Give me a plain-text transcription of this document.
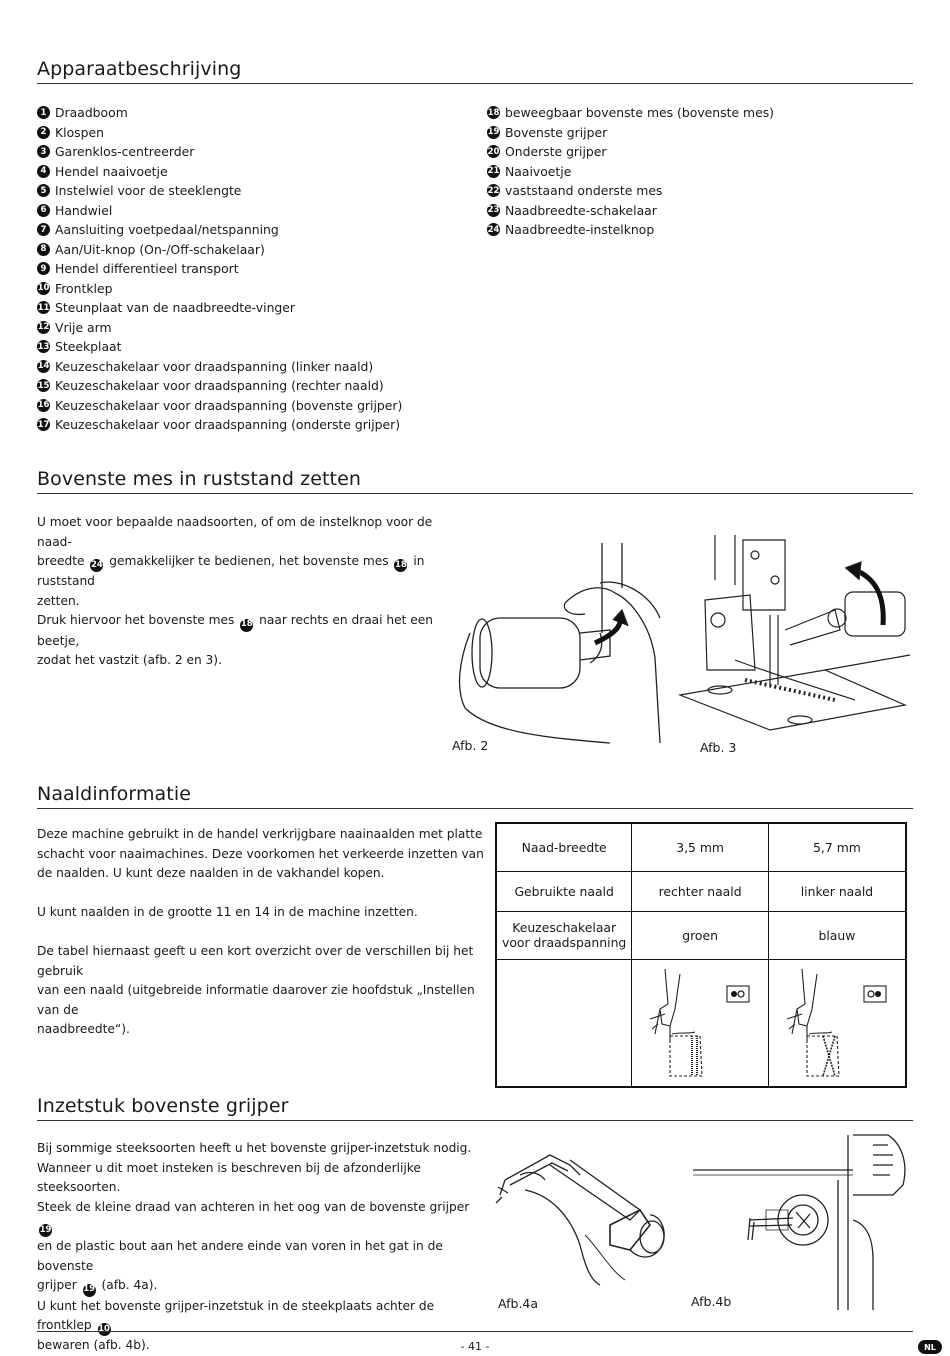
Apparaatbeschrijving
1 Draadboom
2 Klospen
3 Garenklos-centreerder
4 Hendel naaivoetje
5 Instelwiel voor de steeklengte
6 Handwiel
7 Aansluiting voetpedaal/netspanning
8 Aan/Uit-knop (On-/Off-schakelaar)
9 Hendel differentieel transport
10 Frontklep
11 Steunplaat van de naadbreedte-vinger
12 Vrije arm
13 Steekplaat
14 Keuzeschakelaar voor draadspanning (linker naald)
15 Keuzeschakelaar voor draadspanning (rechter naald)
16 Keuzeschakelaar voor draadspanning (bovenste grijper)
17 Keuzeschakelaar voor draadspanning (onderste grijper)
18 beweegbaar bovenste mes (bovenste mes)
19 Bovenste grijper
20 Onderste grijper
21 Naaivoetje
22 vaststaand onderste mes
23 Naadbreedte-schakelaar
24 Naadbreedte-instelknop
Bovenste mes in ruststand zetten
U moet voor bepaalde naadsoorten, of om de instelknop voor de naad-
breedte 24 gemakkelijker te bedienen, het bovenste mes 18 in ruststand
zetten.
Druk hiervoor het bovenste mes 18 naar rechts en draai het een beetje,
zodat het vastzit (afb. 2 en 3).
Afb. 2	Afb. 3
Naaldinformatie
Deze machine gebruikt in de handel verkrijgbare naainaalden met platte
schacht voor naaimachines. Deze voorkomen het verkeerde inzetten van
de naalden. U kunt deze naalden in de vakhandel kopen.
U kunt naalden in de grootte 11 en 14 in de machine inzetten.
De tabel hiernaast geeft u een kort overzicht over de verschillen bij het gebruik
van een naald (uitgebreide informatie daarover zie hoofdstuk „Instellen van de
naadbreedte“).
Naad-breedte	3,5 mm	5,7 mm
Gebruikte naald	rechter naald	linker naald
Keuzeschakelaar voor draadspanning	groen	blauw

Inzetstuk bovenste grijper
Bij sommige steeksoorten heeft u het bovenste grijper-inzetstuk nodig.
Wanneer u dit moet insteken is beschreven bij de afzonderlijke steeksoorten.
Steek de kleine draad van achteren in het oog van de bovenste grijper 19
en de plastic bout aan het andere einde van voren in het gat in de bovenste
grijper 19 (afb. 4a).
U kunt het bovenste grijper-inzetstuk in de steekplaats achter de frontklep 10
bewaren (afb. 4b).
Afb.4a	Afb.4b
- 41 -	NL
